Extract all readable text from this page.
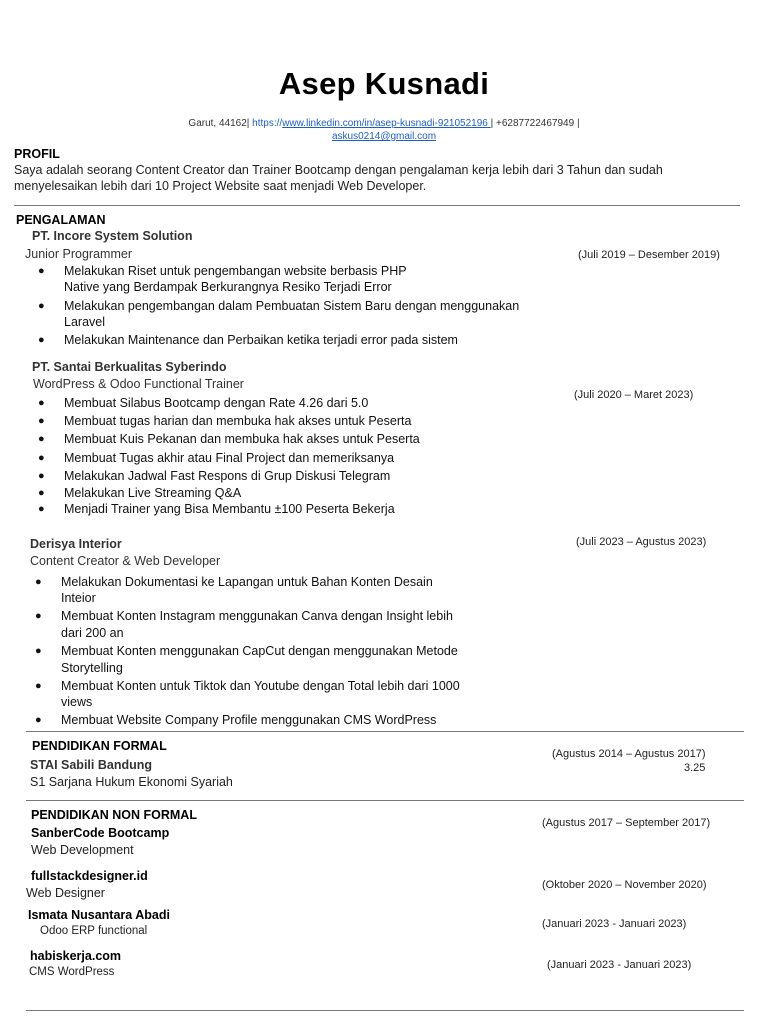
Asep Kusnadi
Garut, 44162| https://www.linkedin.com/in/asep-kusnadi-921052196 | +6287722467949 |
askus0214@gmail.com
PROFIL
Saya adalah seorang Content Creator dan Trainer Bootcamp dengan pengalaman kerja lebih dari 3 Tahun dan sudah
menyelesaikan lebih dari 10 Project Website saat menjadi Web Developer.
PENGALAMAN
PT. Incore System Solution
Junior Programmer	(Juli 2019 – Desember 2019)
● Melakukan Riset untuk pengembangan website berbasis PHP
Native yang Berdampak Berkurangnya Resiko Terjadi Error
● Melakukan pengembangan dalam Pembuatan Sistem Baru dengan menggunakan
Laravel
● Melakukan Maintenance dan Perbaikan ketika terjadi error pada sistem
PT. Santai Berkualitas Syberindo
WordPress & Odoo Functional Trainer
(Juli 2020 – Maret 2023)
● Membuat Silabus Bootcamp dengan Rate 4.26 dari 5.0
● Membuat tugas harian dan membuka hak akses untuk Peserta
● Membuat Kuis Pekanan dan membuka hak akses untuk Peserta
● Membuat Tugas akhir atau Final Project dan memeriksanya
● Melakukan Jadwal Fast Respons di Grup Diskusi Telegram
● Melakukan Live Streaming Q&A
● Menjadi Trainer yang Bisa Membantu ±100 Peserta Bekerja
Derisya Interior
Content Creator & Web Developer
(Juli 2023 – Agustus 2023)
● Melakukan Dokumentasi ke Lapangan untuk Bahan Konten Desain
Inteior
● Membuat Konten Instagram menggunakan Canva dengan Insight lebih
dari 200 an
● Membuat Konten menggunakan CapCut dengan menggunakan Metode
Storytelling
● Membuat Konten untuk Tiktok dan Youtube dengan Total lebih dari 1000
views
● Membuat Website Company Profile menggunakan CMS WordPress
PENDIDIKAN FORMAL
STAI Sabili Bandung
S1 Sarjana Hukum Ekonomi Syariah
(Agustus 2014 – Agustus 2017)
3.25
PENDIDIKAN NON FORMAL
SanberCode Bootcamp
Web Development
(Agustus 2017 – September 2017)
fullstackdesigner.id
Web Designer
(Oktober 2020 – November 2020)
Ismata Nusantara Abadi
Odoo ERP functional
(Januari 2023 - Januari 2023)
habiskerja.com
CMS WordPress
(Januari 2023 - Januari 2023)
